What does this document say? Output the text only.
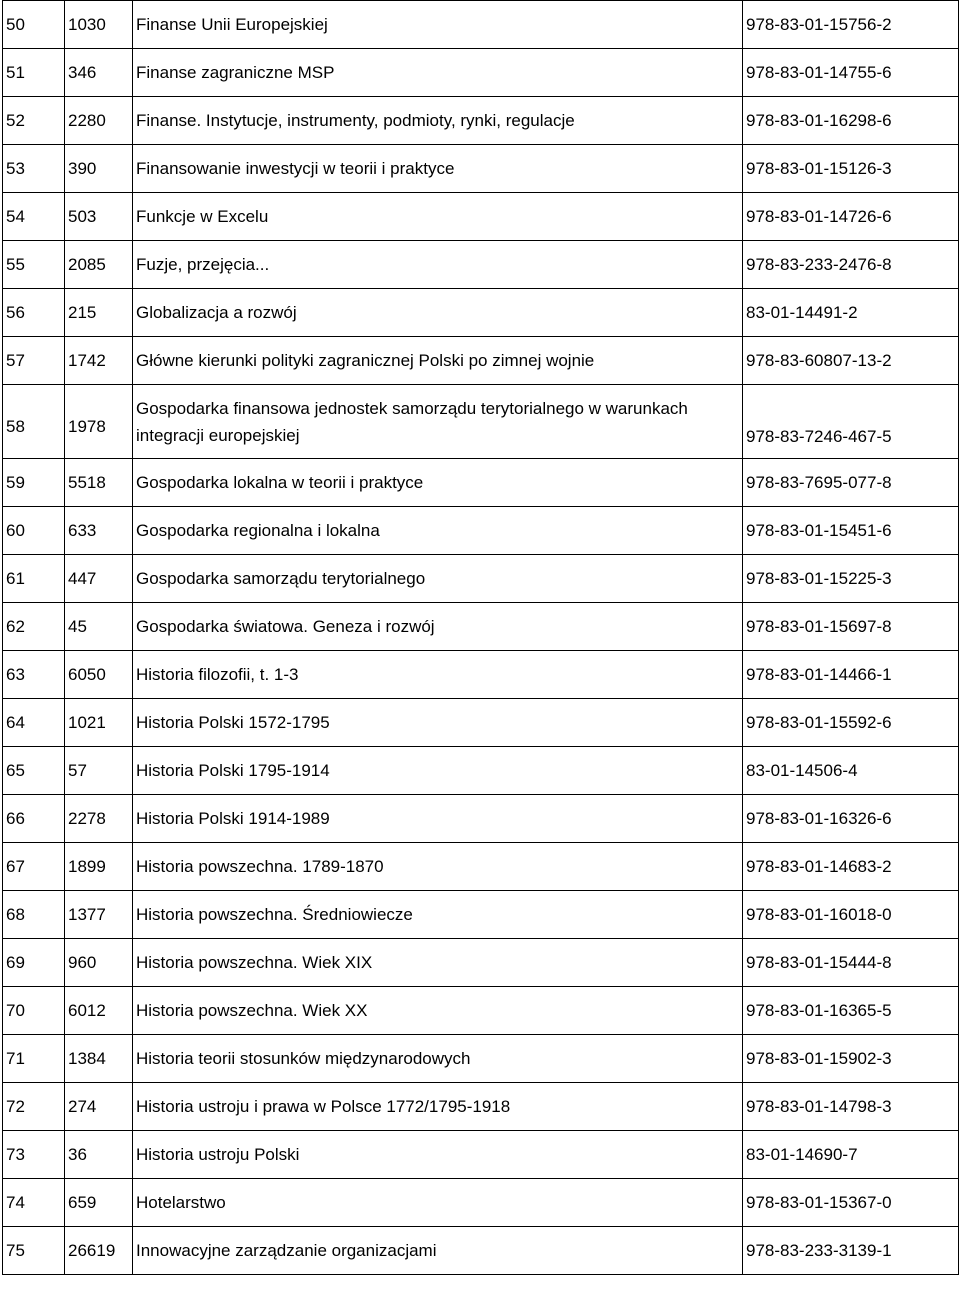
50	1030	Finanse Unii Europejskiej	978-83-01-15756-2
51	346	Finanse zagraniczne MSP	978-83-01-14755-6
52	2280	Finanse. Instytucje, instrumenty, podmioty, rynki, regulacje	978-83-01-16298-6
53	390	Finansowanie inwestycji w teorii i praktyce	978-83-01-15126-3
54	503	Funkcje w Excelu	978-83-01-14726-6
55	2085	Fuzje, przejęcia...	978-83-233-2476-8
56	215	Globalizacja a rozwój	83-01-14491-2
57	1742	Główne kierunki polityki zagranicznej Polski po zimnej wojnie	978-83-60807-13-2
58	1978	Gospodarka finansowa jednostek samorządu terytorialnego w warunkach integracji europejskiej	978-83-7246-467-5
59	5518	Gospodarka lokalna w teorii i praktyce	978-83-7695-077-8
60	633	Gospodarka regionalna i lokalna	978-83-01-15451-6
61	447	Gospodarka samorządu terytorialnego	978-83-01-15225-3
62	45	Gospodarka światowa. Geneza i rozwój	978-83-01-15697-8
63	6050	Historia filozofii, t. 1-3	978-83-01-14466-1
64	1021	Historia Polski 1572-1795	978-83-01-15592-6
65	57	Historia Polski 1795-1914	83-01-14506-4
66	2278	Historia Polski 1914-1989	978-83-01-16326-6
67	1899	Historia powszechna. 1789-1870	978-83-01-14683-2
68	1377	Historia powszechna. Średniowiecze	978-83-01-16018-0
69	960	Historia powszechna. Wiek XIX	978-83-01-15444-8
70	6012	Historia powszechna. Wiek XX	978-83-01-16365-5
71	1384	Historia teorii stosunków międzynarodowych	978-83-01-15902-3
72	274	Historia ustroju i prawa w Polsce 1772/1795-1918	978-83-01-14798-3
73	36	Historia ustroju Polski	83-01-14690-7
74	659	Hotelarstwo	978-83-01-15367-0
75	26619	Innowacyjne zarządzanie organizacjami	978-83-233-3139-1
